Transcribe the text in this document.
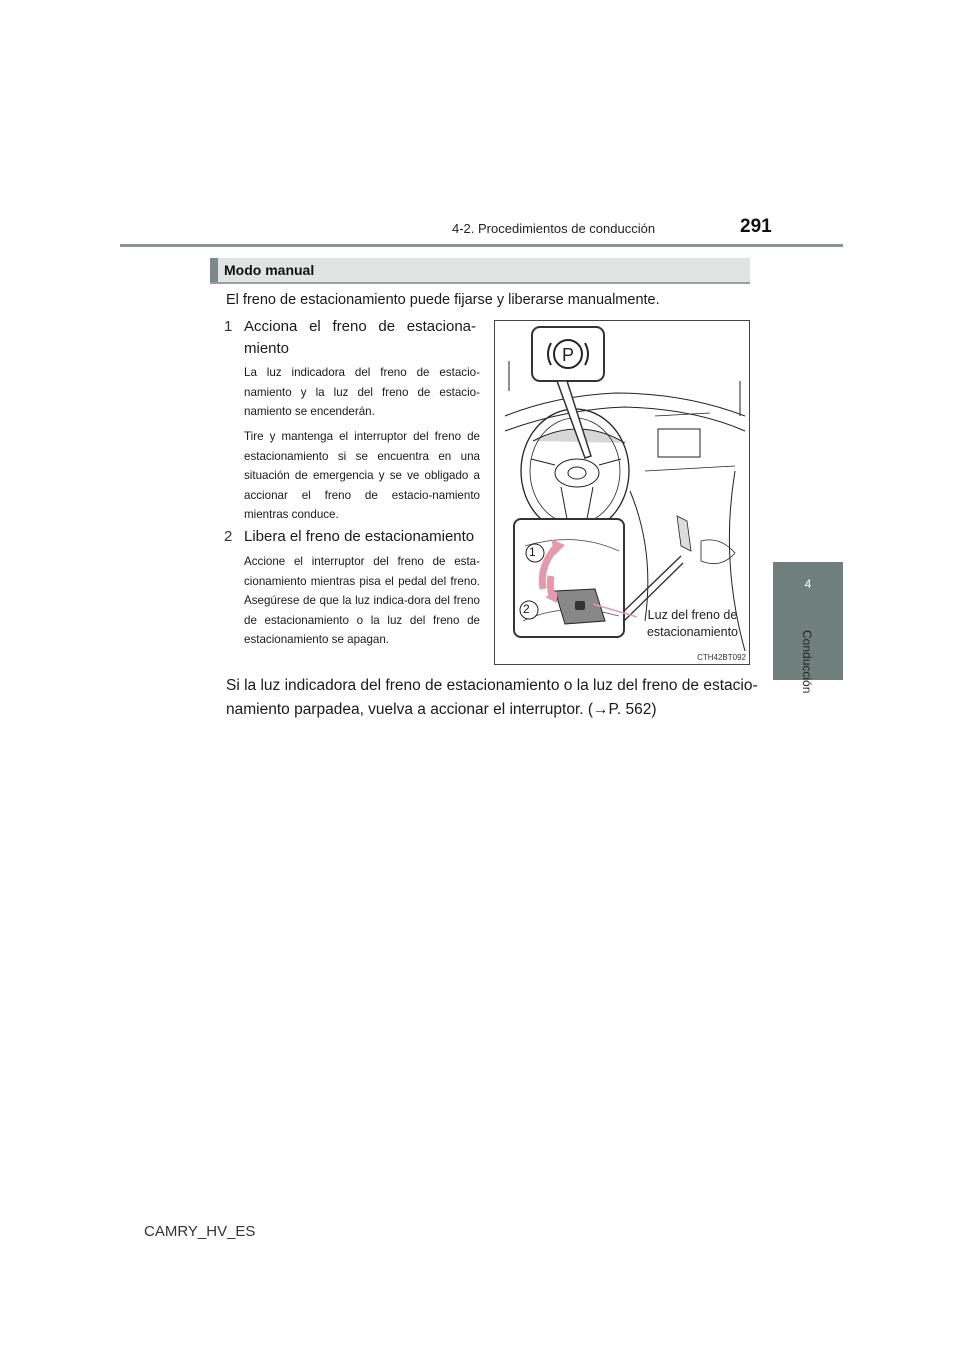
4-2. Procedimientos de conducción	291
4
Conducción
Modo manual
El freno de estacionamiento puede fijarse y liberarse manualmente.
1 Acciona el freno de estaciona-miento
La luz indicadora del freno de estacio-namiento y la luz del freno de estacio-namiento se encenderán.
Tire y mantenga el interruptor del freno de estacionamiento si se encuentra en una situación de emergencia y se ve obligado a accionar el freno de estacio-namiento mientras conduce.
2 Libera el freno de estacionamiento
Accione el interruptor del freno de esta-cionamiento mientras pisa el pedal del freno. Asegúrese de que la luz indica-dora del freno de estacionamiento o la luz del freno de estacionamiento se apagan.
Si la luz indicadora del freno de estacionamiento o la luz del freno de estacio-namiento parpadea, vuelva a accionar el interruptor. (→P. 562)
P
1
2	Luz del freno de estacionamiento
CTH42BT092
CAMRY_HV_ES
